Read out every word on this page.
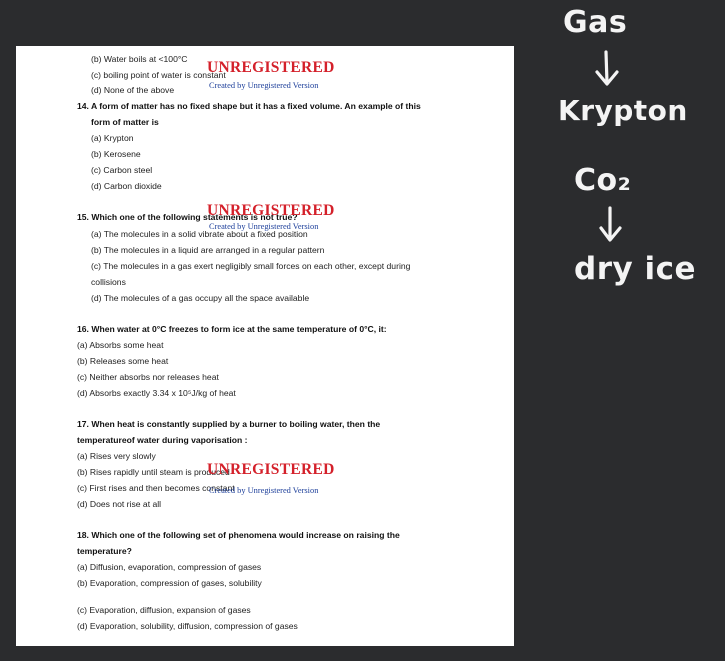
(b) Water boils at <100°C
(c) boiling point of water is constant
(d) None of the above
14. A form of matter has no fixed shape but it has a fixed volume. An example of this
form of matter is
(a) Krypton
(b) Kerosene
(c) Carbon steel
(d) Carbon dioxide
15. Which one of the following statements is not true?
(a) The molecules in a solid vibrate about a fixed position
(b) The molecules in a liquid are arranged in a regular pattern
(c) The molecules in a gas exert negligibly small forces on each other, except during
collisions
(d) The molecules of a gas occupy all the space available
16. When water at 0°C freezes to form ice at the same temperature of 0°C, it:
(a) Absorbs some heat
(b) Releases some heat
(c) Neither absorbs nor releases heat
(d) Absorbs exactly 3.34 x 10⁵J/kg of heat
17. When heat is constantly supplied by a burner to boiling water, then the
temperatureof water during vaporisation :
(a) Rises very slowly
(b) Rises rapidly until steam is produced
(c) First rises and then becomes constant
(d) Does not rise at all
18. Which one of the following set of phenomena would increase on raising the
temperature?
(a) Diffusion, evaporation, compression of gases
(b) Evaporation, compression of gases, solubility
(c) Evaporation, diffusion, expansion of gases
(d) Evaporation, solubility, diffusion, compression of gases
UNREGISTERED
Created by Unregistered Version
UNREGISTERED
Created by Unregistered Version
UNREGISTERED
Created by Unregistered Version
Gas
Krypton
Co₂
dry ice
